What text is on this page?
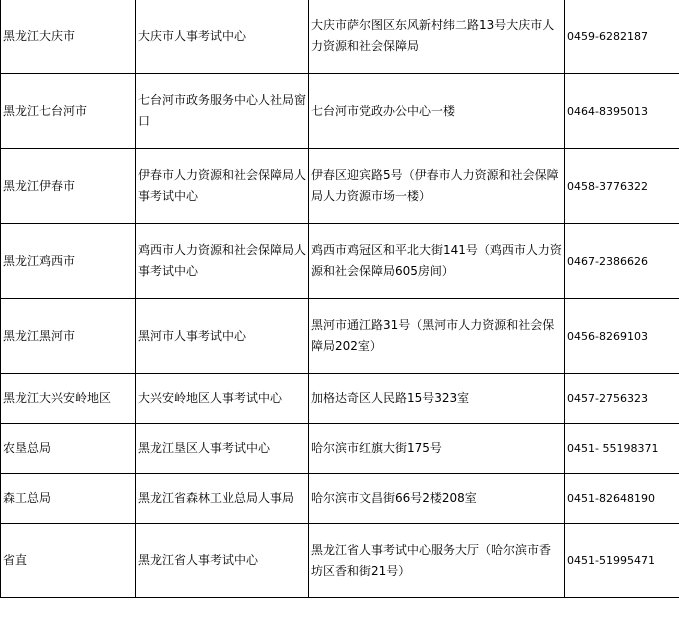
黑龙江大庆市	大庆市人事考试中心	大庆市萨尔图区东风新村纬二路13号大庆市人力资源和社会保障局	0459-6282187
黑龙江七台河市	七台河市政务服务中心人社局窗口	七台河市党政办公中心一楼	0464-8395013
黑龙江伊春市	伊春市人力资源和社会保障局人事考试中心	伊春区迎宾路5号（伊春市人力资源和社会保障局人力资源市场一楼）	0458-3776322
黑龙江鸡西市	鸡西市人力资源和社会保障局人事考试中心	鸡西市鸡冠区和平北大街141号（鸡西市人力资源和社会保障局605房间）	0467-2386626
黑龙江黑河市	黑河市人事考试中心	黑河市通江路31号（黑河市人力资源和社会保障局202室）	0456-8269103
黑龙江大兴安岭地区	大兴安岭地区人事考试中心	加格达奇区人民路15号323室	0457-2756323
农垦总局	黑龙江垦区人事考试中心	哈尔滨市红旗大街175号	0451- 55198371
森工总局	黑龙江省森林工业总局人事局	哈尔滨市文昌街66号2楼208室	0451-82648190
省直	黑龙江省人事考试中心	黑龙江省人事考试中心服务大厅（哈尔滨市香坊区香和街21号）	0451-51995471
